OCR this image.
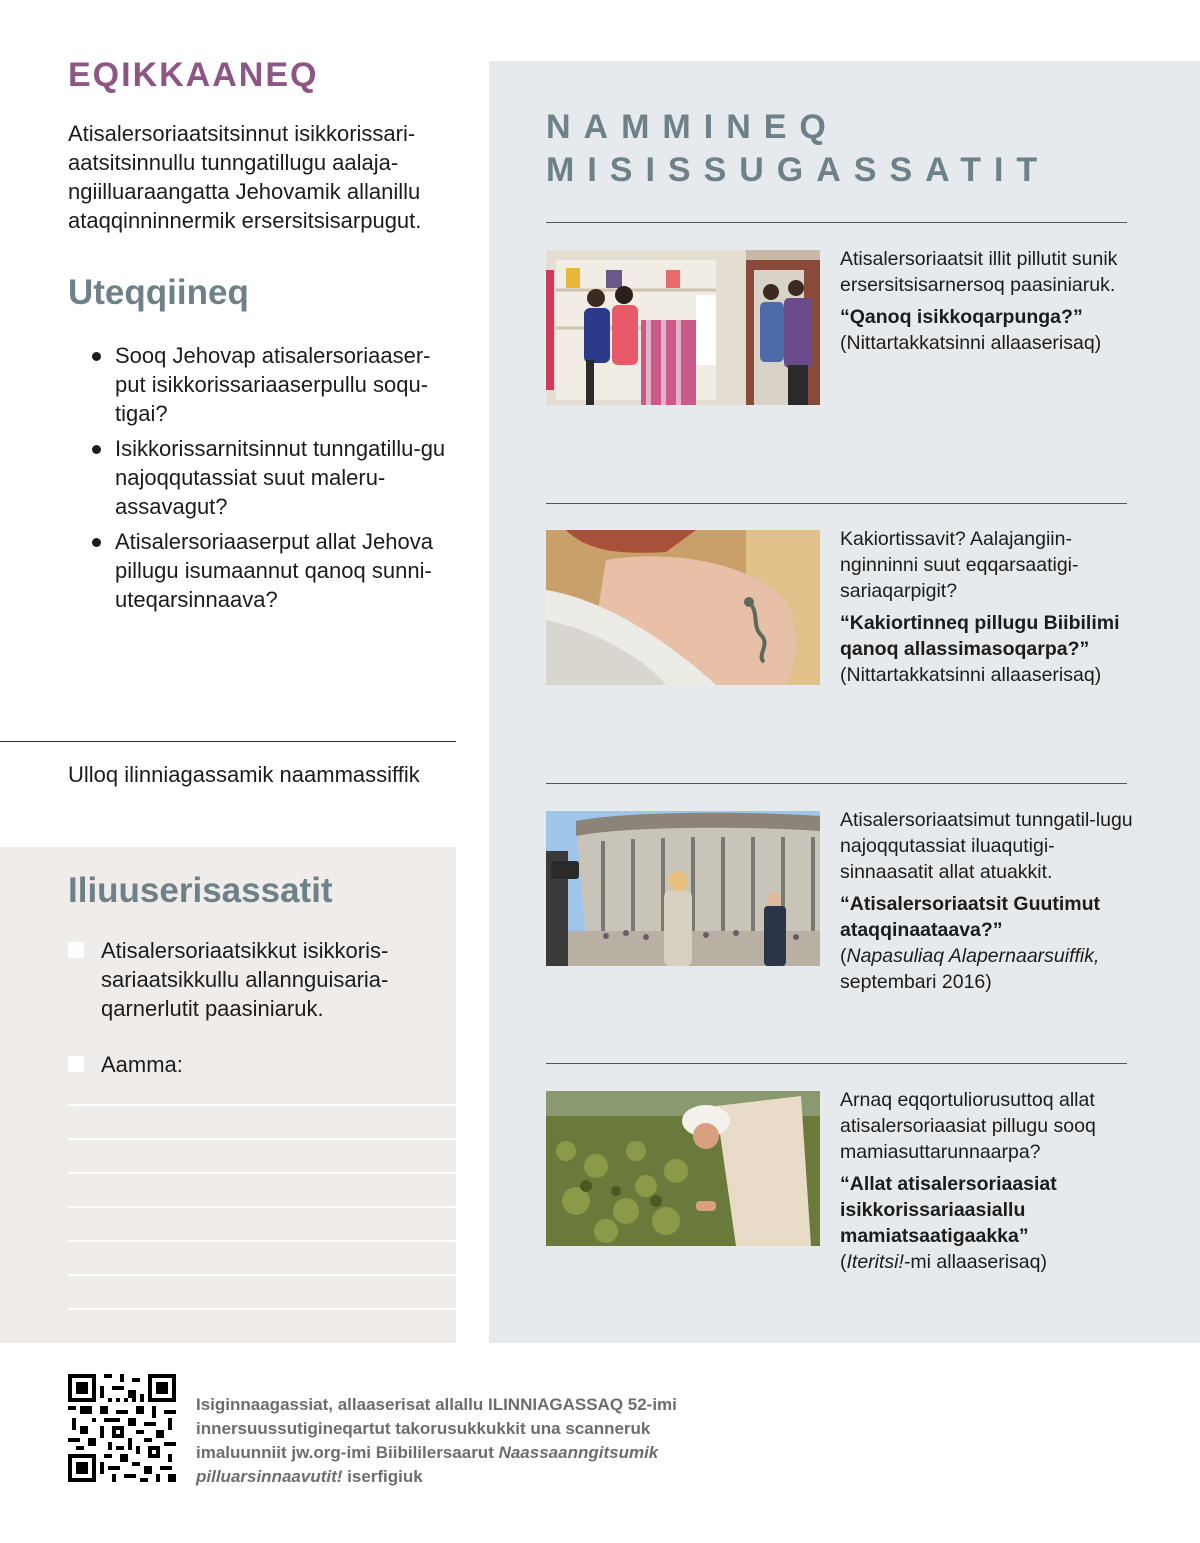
EQIKKAANEQ

Atisalersoriaatsitsinnut isikkorissari-aatsitsinnullu tunngatillugu aalaja-ngiilluaraangatta Jehovamik allanillu ataqqinninnermik ersersitsisarpugut.

Uteqqiineq
Sooq Jehovap atisalersoriaaser-put isikkorissariaaserpullu soqu-tigai?
Isikkorissarnitsinnut tunngatillu-gu najoqqutassiat suut maleru-assavagut?
Atisalersoriaaserput allat Jehova pillugu isumaannut qanoq sunni-uteqarsinnaava?
Ulloq ilinniagassamik naammassiffik
Iliuuserisassatit
Atisalersoriaatsikkut isikkoris-sariaatsikkullu allannguisaria-qarnerlutit paasiniaruk.
Aamma:
NAMMINEQ
MISISSUGASSATIT
Atisalersoriaatsit illit pillutit sunik ersersitsisarnersoq paasiniaruk.
“Qanoq isikkoqarpunga?”
(Nittartakkatsinni allaaserisaq)
Kakiortissavit? Aalajangiin-nginninni suut eqqarsaatigi-sariaqarpigit?
“Kakiortinneq pillugu Biibilimi qanoq allassimasoqarpa?”
(Nittartakkatsinni allaaserisaq)
Atisalersoriaatsimut tunngatil-lugu najoqqutassiat iluaqutigi-sinnaasatit allat atuakkit.
“Atisalersoriaatsit Guutimut ataqqinaataava?”
(Napasuliaq Alapernaarsuiffik, septembari 2016)
Arnaq eqqortuliorusuttoq allat atisalersoriaasiat pillugu sooq mamiasuttarunnaarpa?
“Allat atisalersoriaasiat isikkorissariaasiallu mamiatsaatigaakka”
(Iteritsi!-mi allaaserisaq)

Isiginnaagassiat, allaaserisat allallu ILINNIAGASSAQ 52-imi innersuussutigineqartut takorusukkukkit una scanneruk imaluunniit jw.org-imi Biibililersaarut Naassaanngitsumik pilluarsinnaavutit! iserfigiuk
